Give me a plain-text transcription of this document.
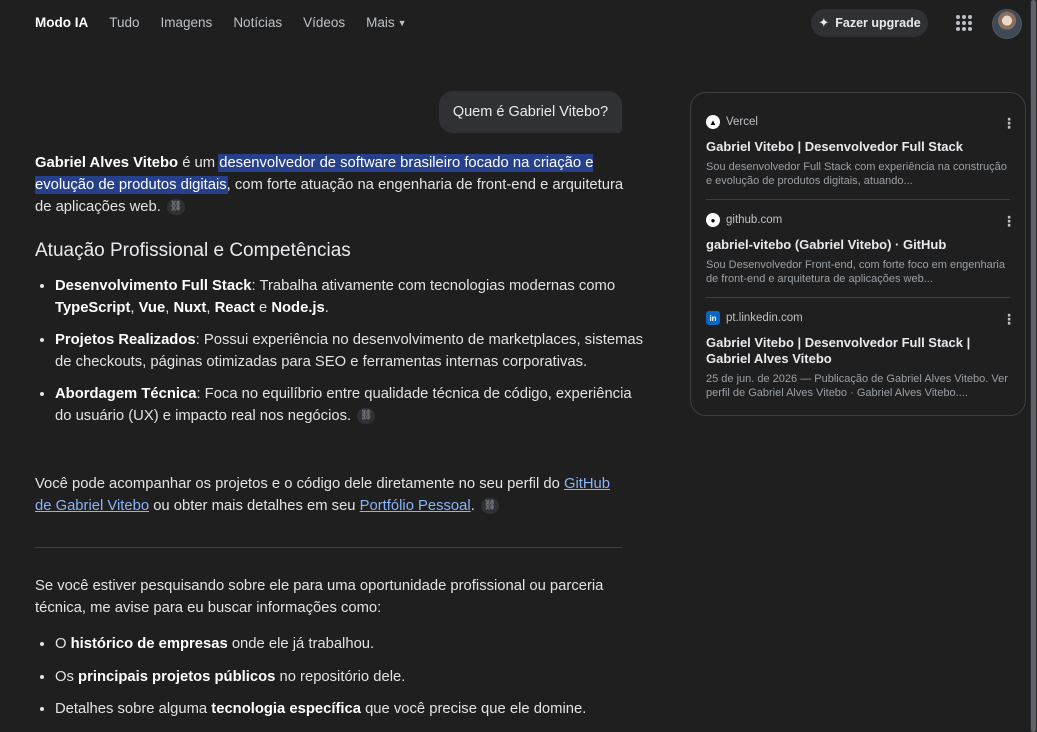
Modo IA Tudo Imagens Notícias Vídeos Mais ▼	✦ Fazer upgrade
Quem é Gabriel Vitebo?

Gabriel Alves Vitebo é um desenvolvedor de software brasileiro focado na criação e evolução de produtos digitais, com forte atuação na engenharia de front-end e arquitetura de aplicações web. ⛓

Atuação Profissional e Competências
• Desenvolvimento Full Stack: Trabalha ativamente com tecnologias modernas como TypeScript, Vue, Nuxt, React e Node.js.
• Projetos Realizados: Possui experiência no desenvolvimento de marketplaces, sistemas de checkouts, páginas otimizadas para SEO e ferramentas internas corporativas.
• Abordagem Técnica: Foca no equilíbrio entre qualidade técnica de código, experiência do usuário (UX) e impacto real nos negócios. ⛓
Você pode acompanhar os projetos e o código dele diretamente no seu perfil do GitHub de Gabriel Vitebo ou obter mais detalhes em seu Portfólio Pessoal. ⛓
Se você estiver pesquisando sobre ele para uma oportunidade profissional ou parceria técnica, me avise para eu buscar informações como:
• O histórico de empresas onde ele já trabalhou.
• Os principais projetos públicos no repositório dele.
• Detalhes sobre alguma tecnologia específica que você precise que ele domine.
▲ Vercel	⋮
Gabriel Vitebo | Desenvolvedor Full Stack
Sou desenvolvedor Full Stack com experiência na construção e evolução de produtos digitais, atuando...
● github.com	⋮
gabriel-vitebo (Gabriel Vitebo) · GitHub
Sou Desenvolvedor Front-end, com forte foco em engenharia de front-end e arquitetura de aplicações web...
in pt.linkedin.com	⋮
Gabriel Vitebo | Desenvolvedor Full Stack | Gabriel Alves Vitebo
25 de jun. de 2026 — Publicação de Gabriel Alves Vitebo. Ver perfil de Gabriel Alves Vitebo · Gabriel Alves Vitebo....
